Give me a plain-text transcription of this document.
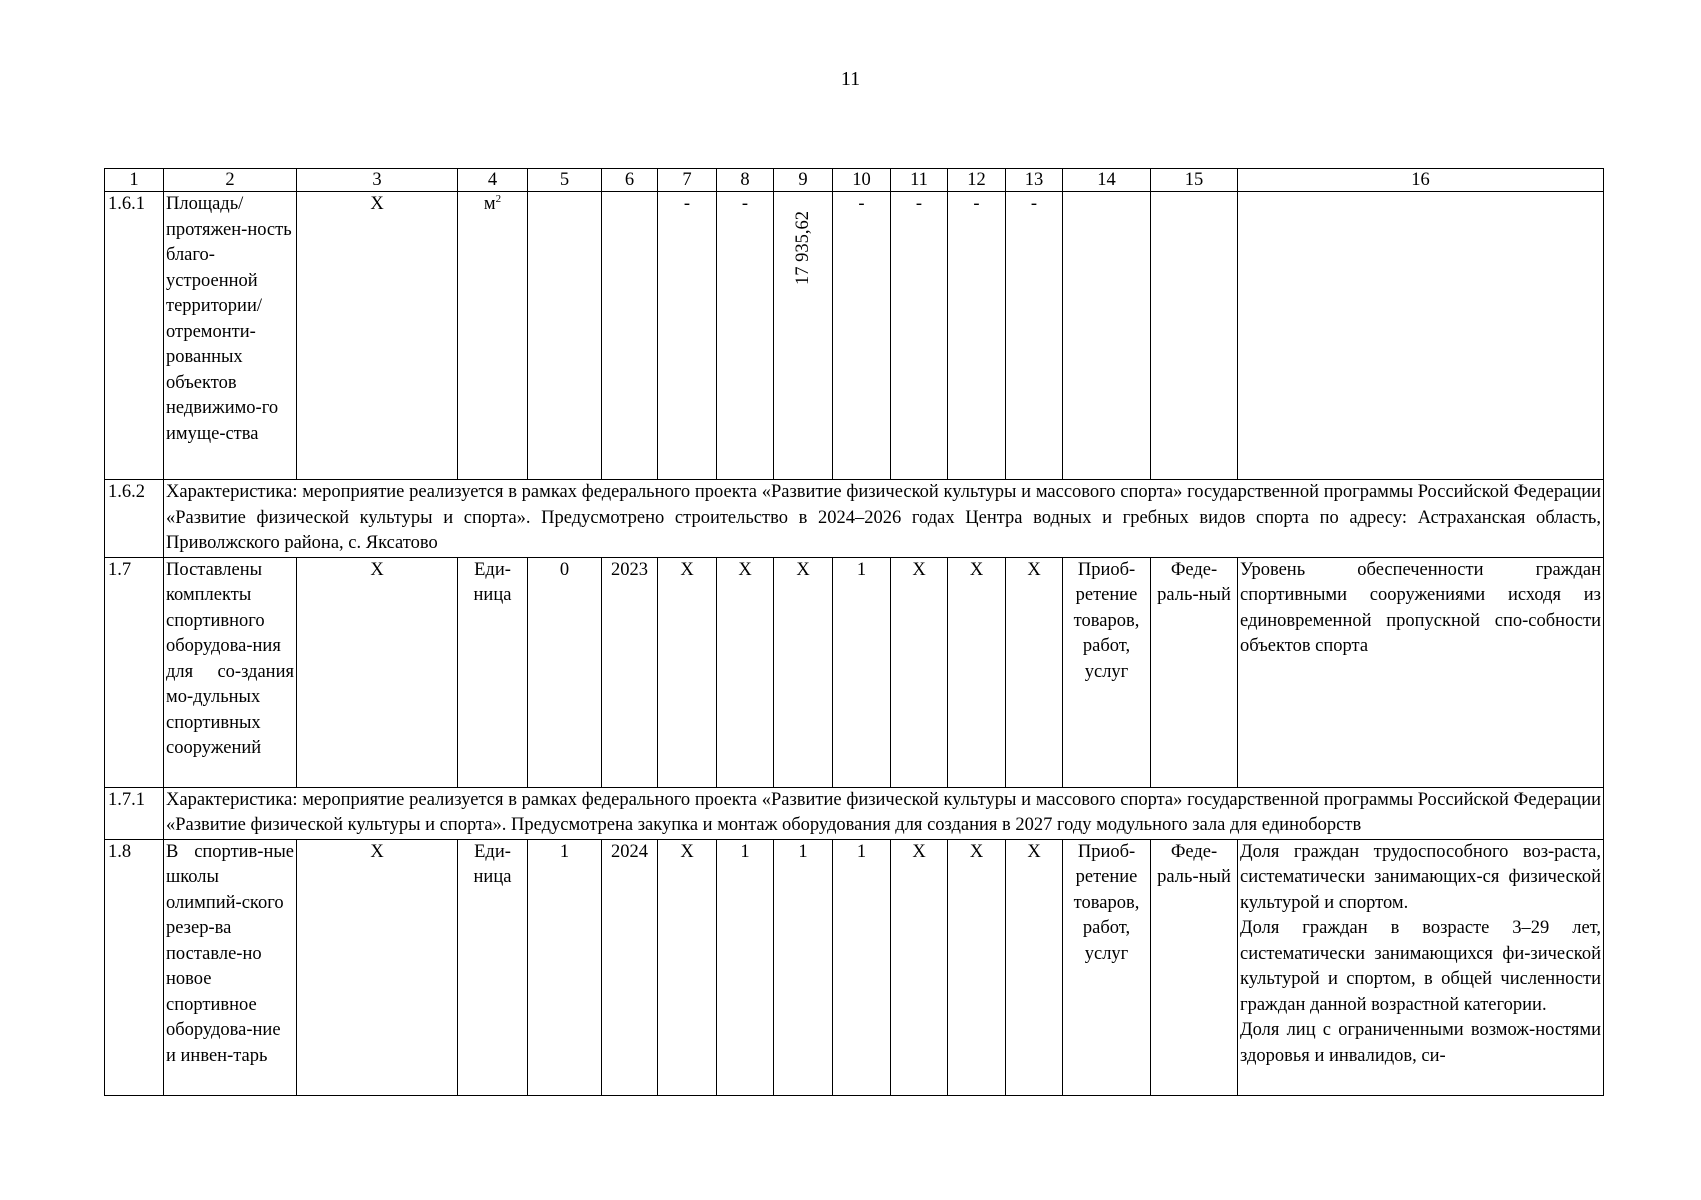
11
1	2	3	4	5	6	7	8	9	10	11	12	13	14	15	16
1.6.1	Площадь/ протяжен-ность благо-устроенной территории/ отремонти-рованных объектов недвижимо-го имуще-ства	Х	$м^2$			-	-	17 935,62	-	-	-	-			
1.6.2	Характеристика: мероприятие реализуется в рамках федерального проекта «Развитие физической культуры и массового спорта» государственной программы Российской Федерации «Развитие физической культуры и спорта». Предусмотрено строительство в 2024–2026 годах Центра водных и гребных видов спорта по адресу: Астраханская область, Приволжского района, с. Яксатово														
1.7	Поставлены комплекты спортивного оборудова-ния для со-здания мо-дульных спортивных сооружений	Х	Еди-ница	0	2023	Х	Х	Х	1	Х	Х	Х	Приоб-ретение товаров, работ, услуг	Феде-раль-ный	Уровень обеспеченности граждан спортивными сооружениями исходя из единовременной пропускной спо-собности объектов спорта
1.7.1	Характеристика: мероприятие реализуется в рамках федерального проекта «Развитие физической культуры и массового спорта» государственной программы Российской Федерации «Развитие физической культуры и спорта». Предусмотрена закупка и монтаж оборудования для создания в 2027 году модульного зала для единоборств														
1.8	В спортив-ные школы олимпий-ского резер-ва поставле-но новое спортивное оборудова-ние и инвен-тарь	Х	Еди-ница	1	2024	Х	1	1	1	Х	Х	Х	Приоб-ретение товаров, работ, услуг	Феде-раль-ный	Доля граждан трудоспособного воз-раста, систематически занимающих-ся физической культурой и спортом.
Доля граждан в возрасте 3–29 лет, систематически занимающихся фи-зической культурой и спортом, в общей численности граждан данной возрастной категории.
Доля лиц с ограниченными возмож-ностями здоровья и инвалидов, си-
